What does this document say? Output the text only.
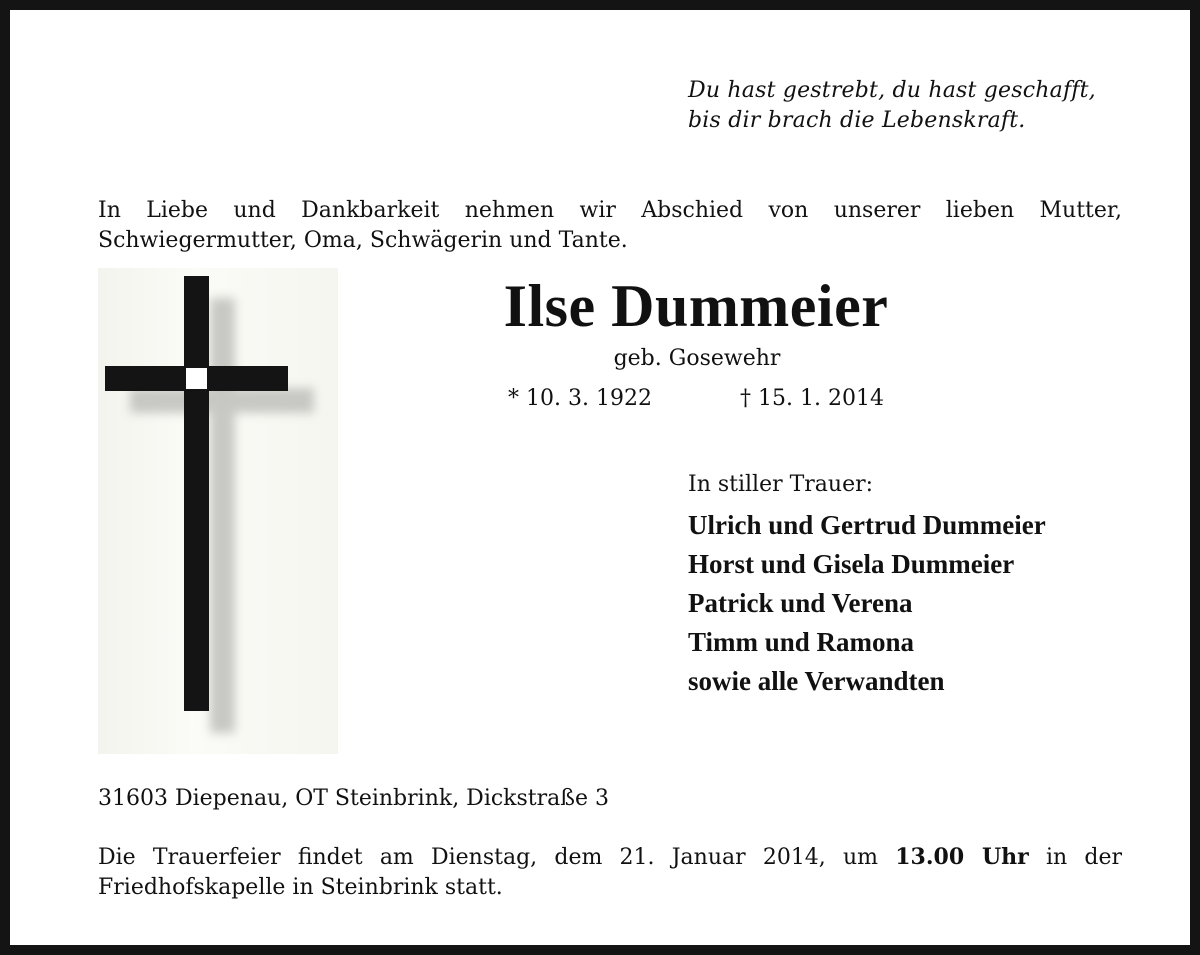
Du hast gestrebt, du hast geschafft,
bis dir brach die Lebenskraft.
In Liebe und Dankbarkeit nehmen wir Abschied von unserer lieben Mutter, Schwiegermutter, Oma, Schwägerin und Tante.
Ilse Dummeier
geb. Gosewehr
* 10. 3. 1922	† 15. 1. 2014
In stiller Trauer:
Ulrich und Gertrud Dummeier
Horst und Gisela Dummeier
Patrick und Verena
Timm und Ramona
sowie alle Verwandten
31603 Diepenau, OT Steinbrink, Dickstraße 3
Die Trauerfeier findet am Dienstag, dem 21. Januar 2014, um 13.00 Uhr in der Friedhofskapelle in Steinbrink statt.
